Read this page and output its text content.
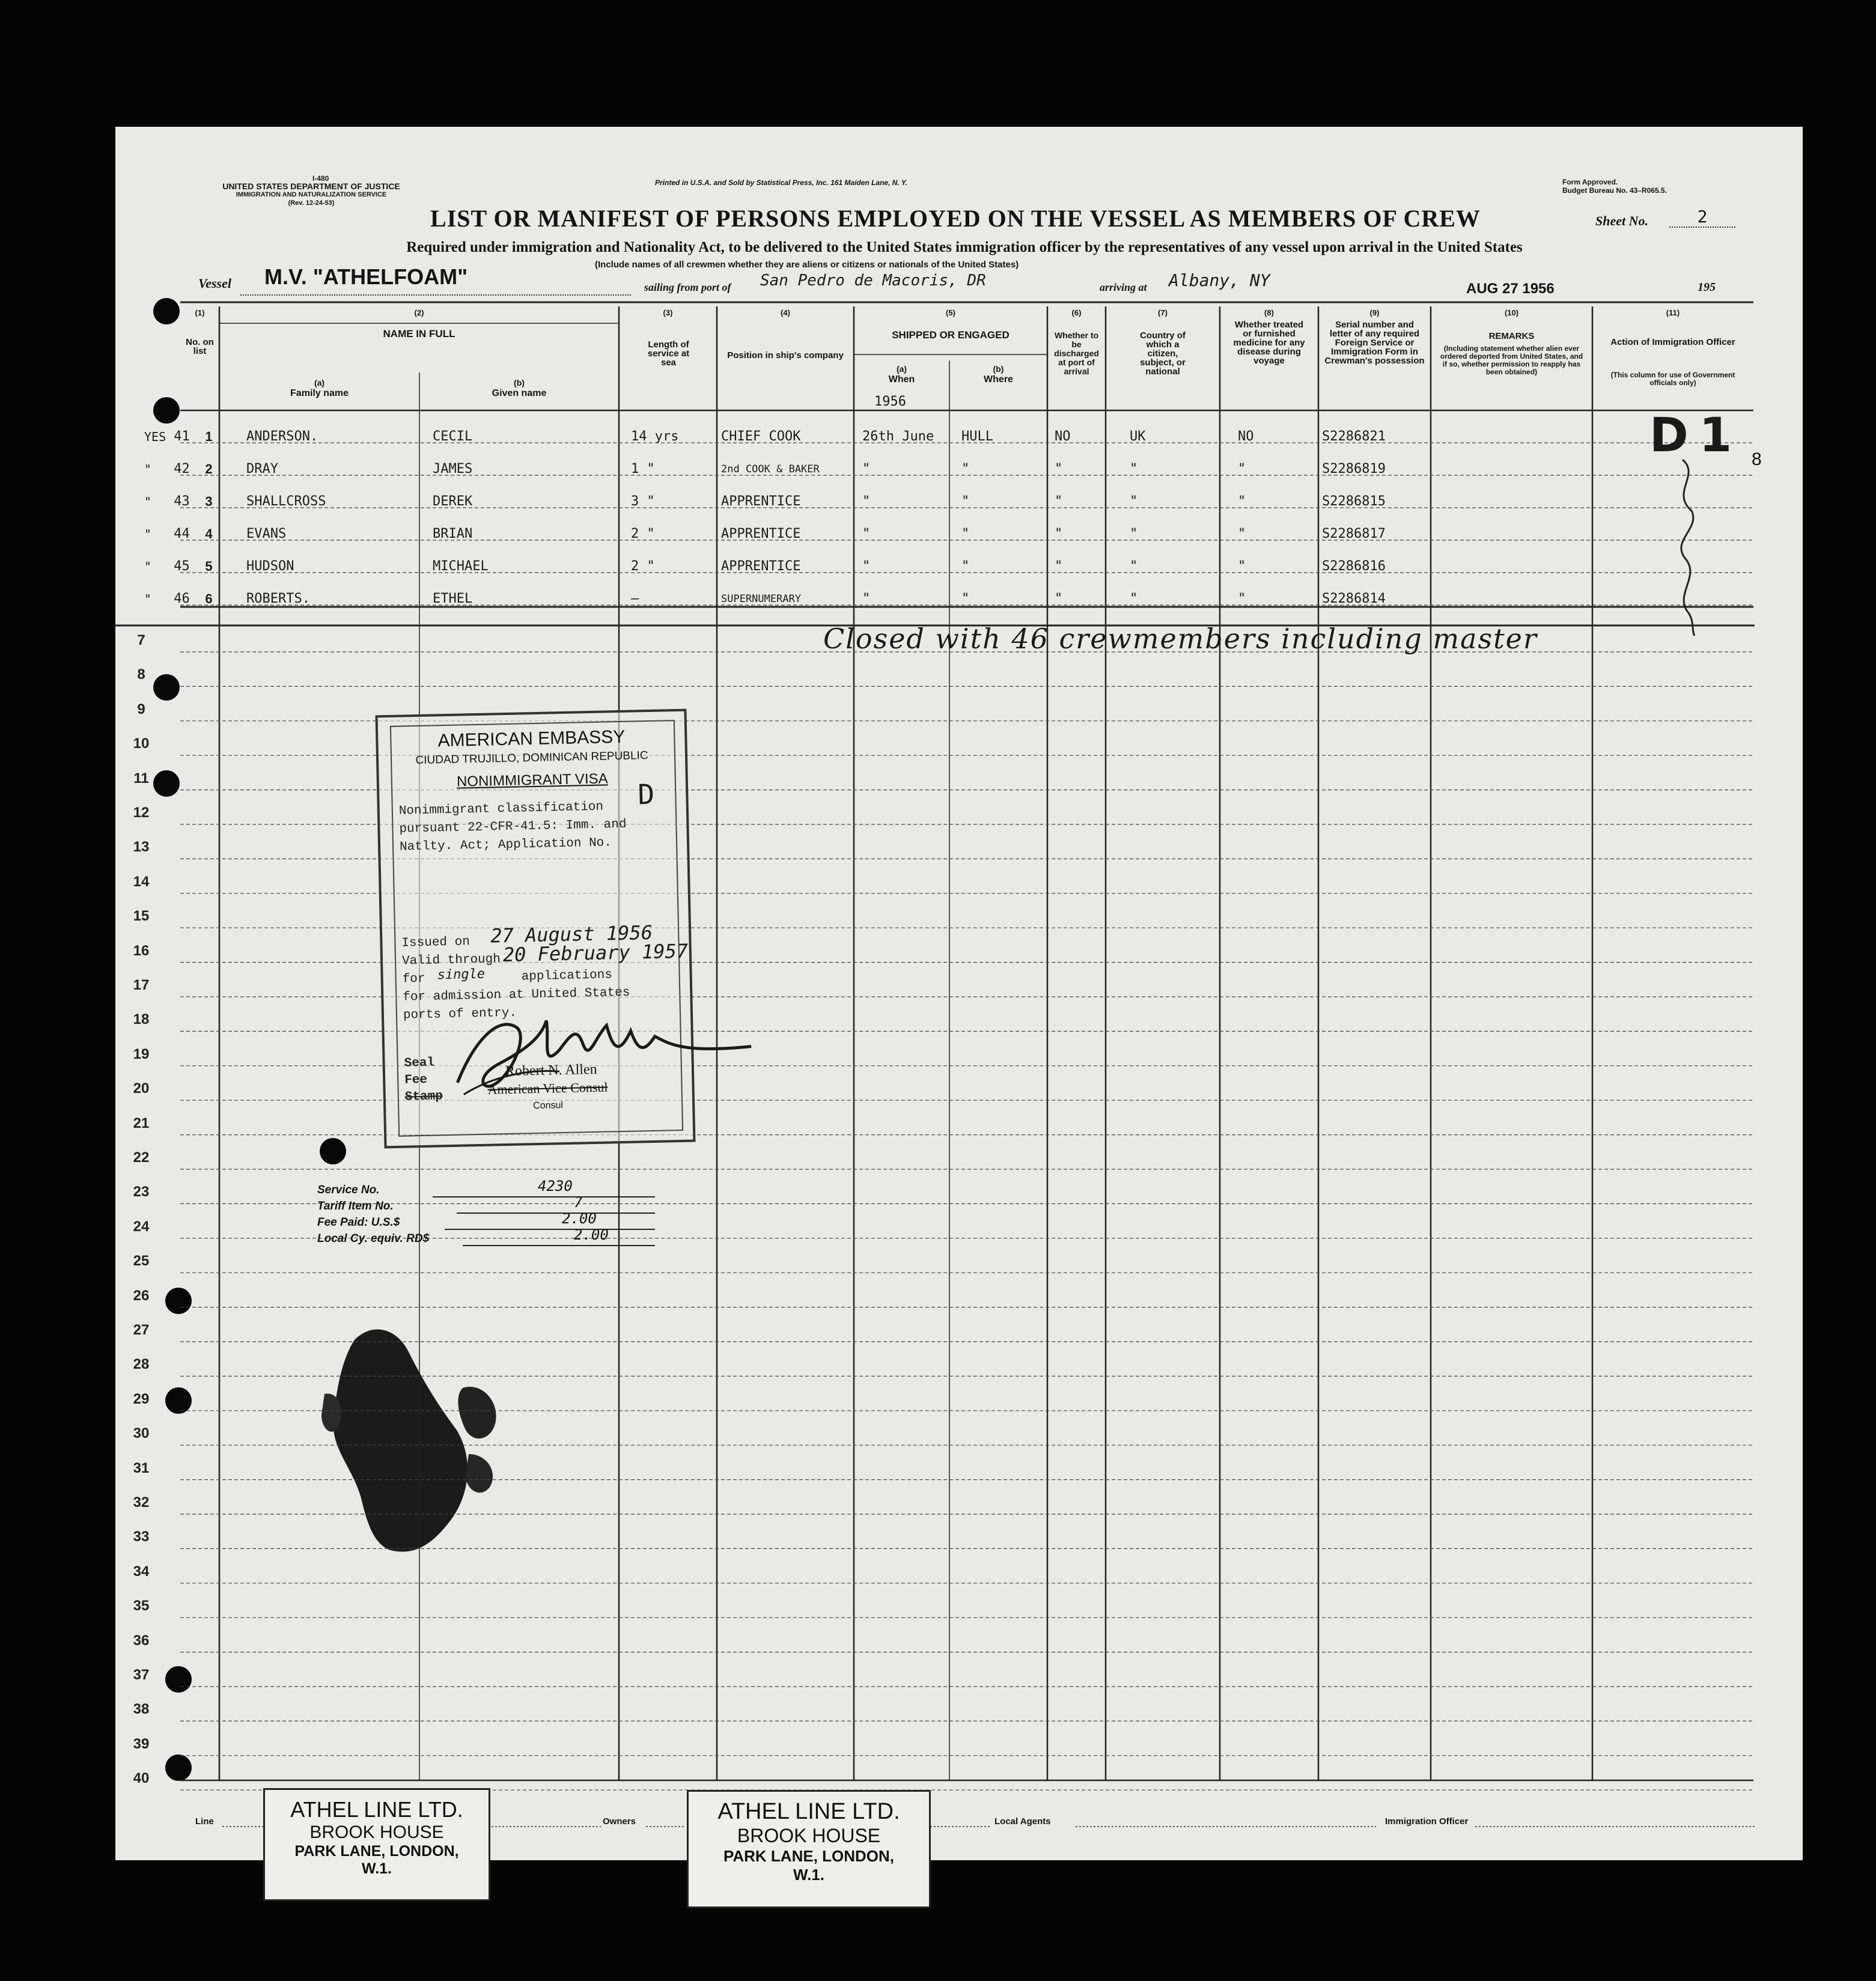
I-480
UNITED STATES DEPARTMENT OF JUSTICE
IMMIGRATION AND NATURALIZATION SERVICE
(Rev. 12-24-53)
Printed in U.S.A. and Sold by Statistical Press, Inc. 161 Maiden Lane, N. Y.	Form Approved.
Budget Bureau No. 43–R065.5.
LIST OR MANIFEST OF PERSONS EMPLOYED ON THE VESSEL AS MEMBERS OF CREW	Sheet No.	2
Required under immigration and Nationality Act, to be delivered to the United States immigration officer by the representatives of any vessel upon arrival in the United States
(Include names of all crewmen whether they are aliens or citizens or nationals of the United States)
Vessel M.V. "ATHELFOAM"	sailing from port of San Pedro de Macoris, DR	arriving at Albany, NY	AUG 27 1956	195
(1)
No. on list
(2)
NAME IN FULL
(a)
Family name
(b)
Given name
(3)
Length of service at sea
(4)
Position in ship's company
(5)
SHIPPED OR ENGAGED
(a)
When
(b)
Where
(6)
Whether to be discharged at port of arrival
(7)
Country of which a citizen, subject, or national
(8)
Whether treated or furnished medicine for any disease during voyage
(9)
Serial number and letter of any required Foreign Service or Immigration Form in Crewman's possession
(10)
REMARKS
(Including statement whether alien ever ordered deported from United States, and if so, whether permission to reapply has been obtained)
(11)
Action of Immigration Officer
(This column for use of Government officials only)
1956
YES 41	1	ANDERSON.	CECIL	14 yrs	CHIEF COOK	26th June	HULL	NO	UK	NO	S2286821
"	42	2	DRAY	JAMES	1 "	2nd COOK & BAKER	"	"	"	"	"	S2286819
"	43	3	SHALLCROSS	DEREK	3 "	APPRENTICE	"	"	"	"	"	S2286815
"	44	4	EVANS	BRIAN	2 "	APPRENTICE	"	"	"	"	"	S2286817
"	45	5	HUDSON	MICHAEL	2 "	APPRENTICE	"	"	"	"	"	S2286816
"	46	6	ROBERTS.	ETHEL	—	SUPERNUMERARY	"	"	"	"	"	S2286814
7
8
9
10
11
12
13
14
15
16
17
18
19
20
21
22
23
24
25
26
27
28
29
30
31
32
33
34
35
36
37
38
39
40
D1 8
Closed with 46 crewmembers including master
AMERICAN EMBASSY
CIUDAD TRUJILLO, DOMINICAN REPUBLIC
NONIMMIGRANT VISA
Nonimmigrant classification D
pursuant 22-CFR-41.5: Imm. and
Natlty. Act; Application No.
Issued on 27 August 1956
Valid through 20 February 1957
for single	applications
for admission at United States
ports of entry.
Seal
Fee
Stamp
Robert N. Allen
American Vice Consul
Consul
Service No.	4230
Tariff Item No.	7
Fee Paid: U.S.$	2.00
Local Cy. equiv. RD$	2.00
Line	Owners	Local Agents	Immigration Officer
ATHEL LINE LTD.
BROOK HOUSE
PARK LANE, LONDON,
W.1.
ATHEL LINE LTD.
BROOK HOUSE
PARK LANE, LONDON,
W.1.
